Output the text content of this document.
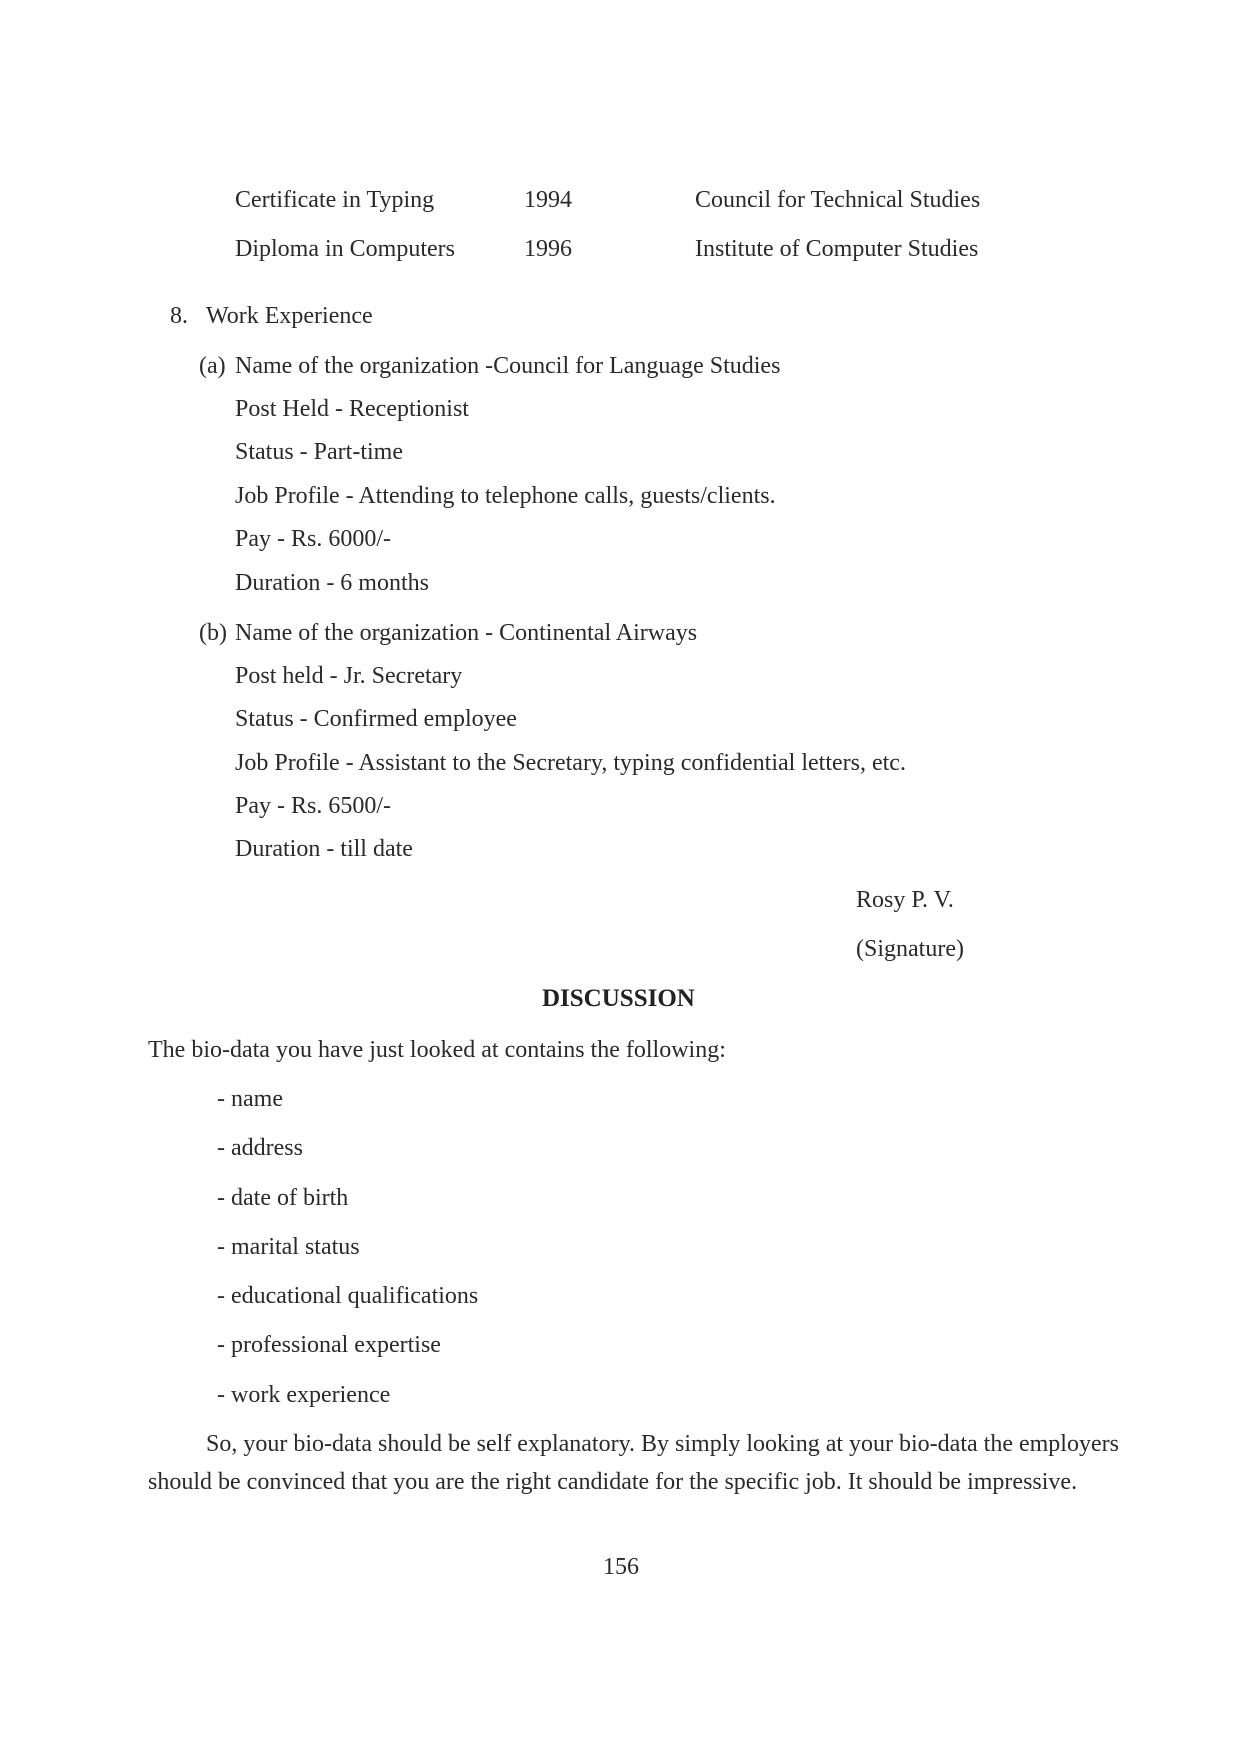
Certificate in Typing	1994	Council for Technical Studies
Diploma in Computers	1996	Institute of Computer Studies
8. Work Experience
(a) Name of the organization -Council for Language Studies
Post Held - Receptionist
Status - Part-time
Job Profile - Attending to telephone calls, guests/clients.
Pay - Rs. 6000/-
Duration - 6 months
(b) Name of the organization - Continental Airways
Post held - Jr. Secretary
Status - Confirmed employee
Job Profile - Assistant to the Secretary, typing confidential letters, etc.
Pay - Rs. 6500/-
Duration - till date
Rosy P. V.
(Signature)
DISCUSSION
The bio-data you have just looked at contains the following:
- name
- address
- date of birth
- marital status
- educational qualifications
- professional expertise
- work experience
So, your bio-data should be self explanatory. By simply looking at your bio-data the employers
should be convinced that you are the right candidate for the specific job. It should be impressive.
156
